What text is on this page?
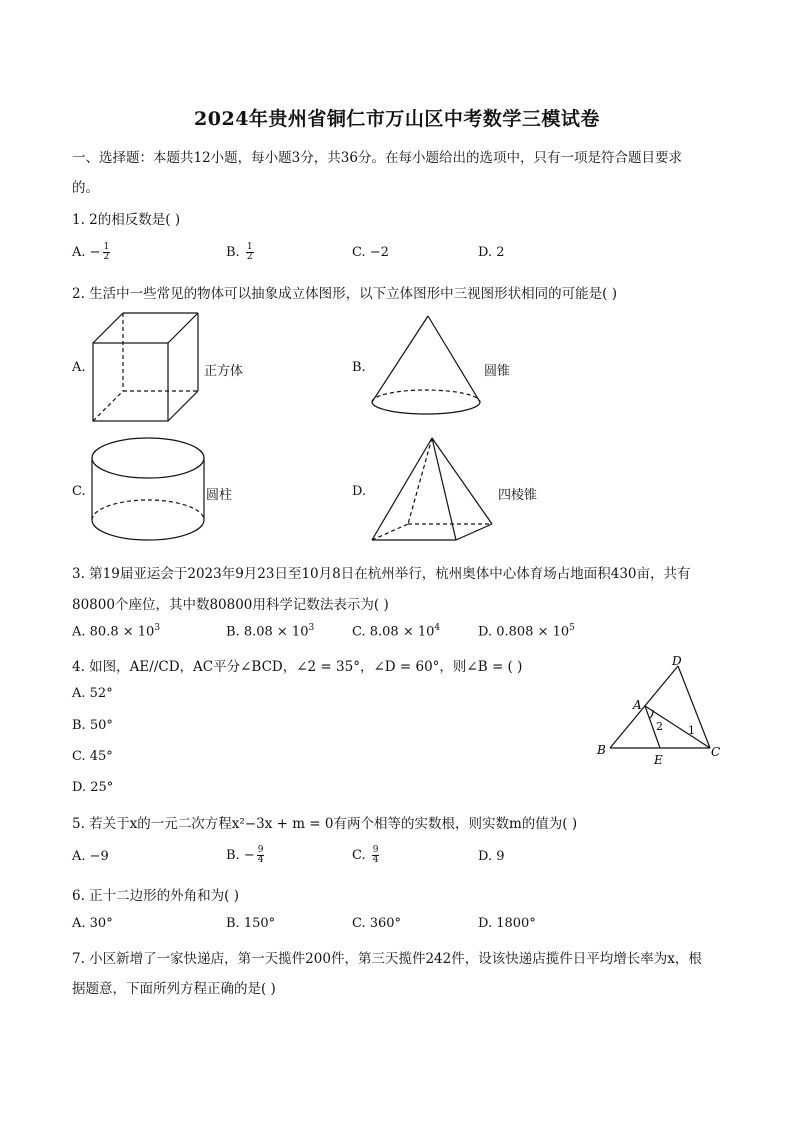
2024年贵州省铜仁市万山区中考数学三模试卷
一、选择题：本题共12小题，每小题3分，共36分。在每小题给出的选项中，只有一项是符合题目要求
的。
1. 2的相反数是( )
A. − $\frac{1}{2}$	B. $\frac{1}{2}$	C. −2	D. 2
2. 生活中一些常见的物体可以抽象成立体图形，以下立体图形中三视图形状相同的可能是( )
A.	正方体	B.	圆锥
C.	圆柱	D.	四棱锥
3. 第19届亚运会于2023年9月23日至10月8日在杭州举行，杭州奥体中心体育场占地面积430亩，共有
80800个座位，其中数80800用科学记数法表示为( )
A. $80.8 \times 10^3$	B. $8.08 \times 10^3$	C. $8.08 \times 10^4$	D. $0.808 \times 10^5$
4. 如图，AE//CD，AC平分∠BCD，∠2 = 35°，∠D = 60°，则∠B = ( )
A. 52°
B. 50°
C. 45°
D. 25°
D
A
B	C
E
1
2
5. 若关于x的一元二次方程x²−3x + m = 0有两个相等的实数根，则实数m的值为( )
A. −9	B. − $\frac{9}{4}$	C. $\frac{9}{4}$	D. 9
6. 正十二边形的外角和为( )
A. 30°	B. 150°	C. 360°	D. 1800°
7. 小区新增了一家快递店，第一天揽件200件，第三天揽件242件，设该快递店揽件日平均增长率为x，根
据题意，下面所列方程正确的是( )
